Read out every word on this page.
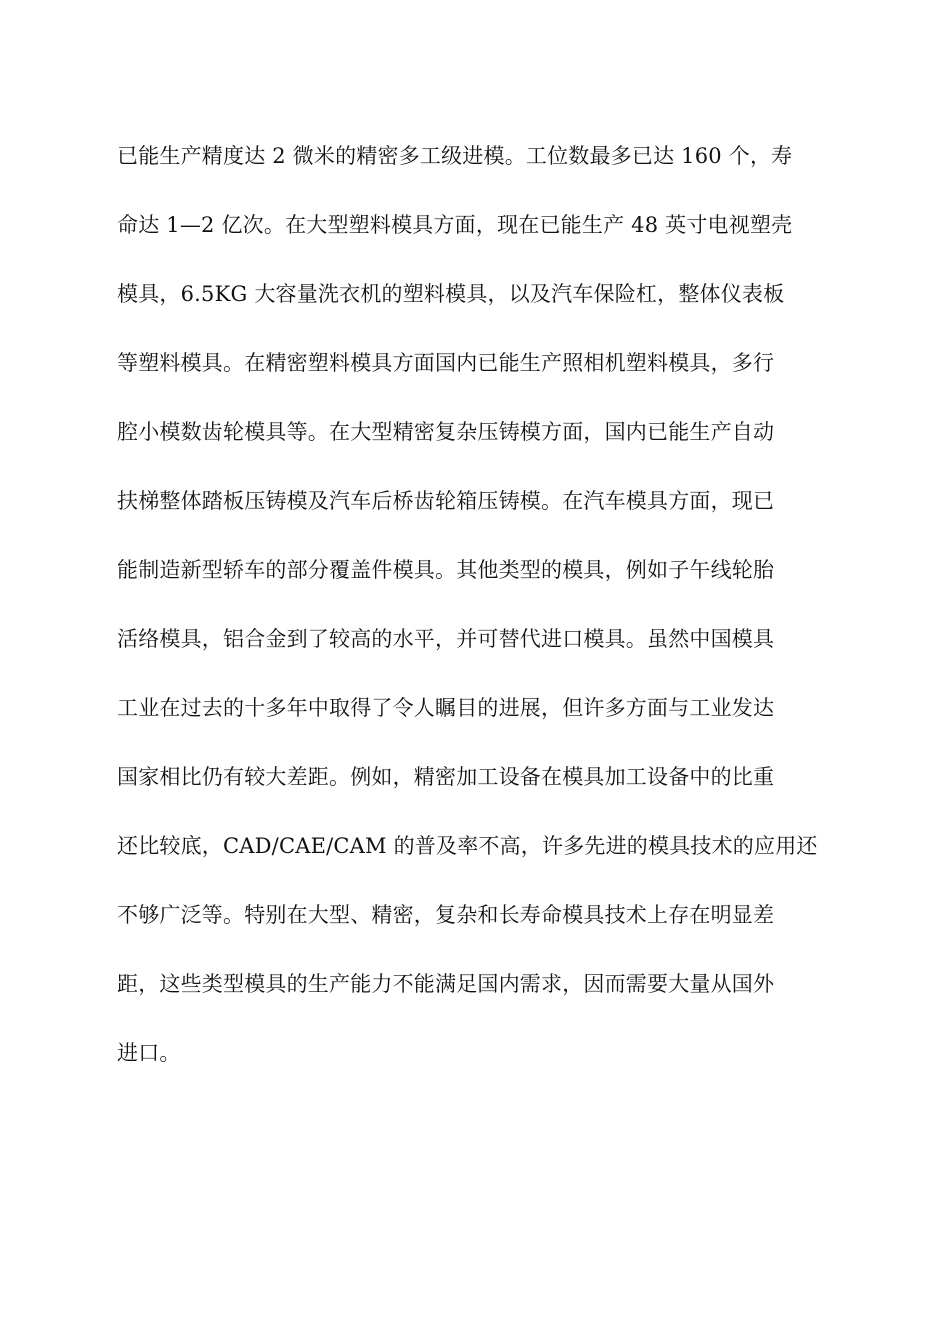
已能生产精度达 2 微米的精密多工级进模。工位数最多已达 160 个，寿
命达 1—2 亿次。在大型塑料模具方面，现在已能生产 48 英寸电视塑壳
模具，6.5KG 大容量洗衣机的塑料模具，以及汽车保险杠，整体仪表板
等塑料模具。在精密塑料模具方面国内已能生产照相机塑料模具，多行
腔小模数齿轮模具等。在大型精密复杂压铸模方面，国内已能生产自动
扶梯整体踏板压铸模及汽车后桥齿轮箱压铸模。在汽车模具方面，现已
能制造新型轿车的部分覆盖件模具。其他类型的模具，例如子午线轮胎
活络模具，铝合金到了较高的水平，并可替代进口模具。虽然中国模具
工业在过去的十多年中取得了令人瞩目的进展，但许多方面与工业发达
国家相比仍有较大差距。例如，精密加工设备在模具加工设备中的比重
还比较底，CAD/CAE/CAM 的普及率不高，许多先进的模具技术的应用还
不够广泛等。特别在大型、精密，复杂和长寿命模具技术上存在明显差
距，这些类型模具的生产能力不能满足国内需求，因而需要大量从国外
进口。
